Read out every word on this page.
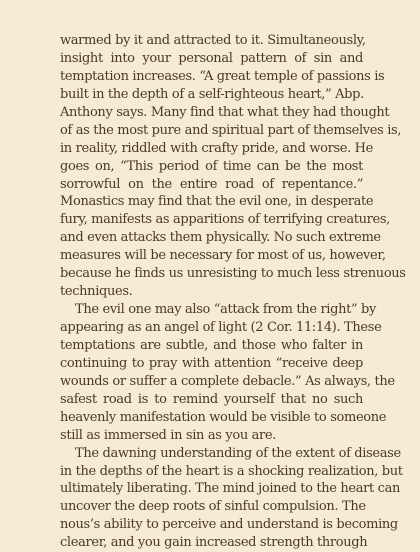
warmed by it and attracted to it. Simultaneously,
insight into your personal pattern of sin and
temptation increases. “A great temple of passions is
built in the depth of a self-righteous heart,” Abp.
Anthony says. Many find that what they had thought
of as the most pure and spiritual part of themselves is,
in reality, riddled with crafty pride, and worse. He
goes on, “This period of time can be the most
sorrowful on the entire road of repentance.”
Monastics may find that the evil one, in desperate
fury, manifests as apparitions of terrifying creatures,
and even attacks them physically. No such extreme
measures will be necessary for most of us, however,
because he finds us unresisting to much less strenuous
techniques.
The evil one may also “attack from the right” by
appearing as an angel of light (2 Cor. 11:14). These
temptations are subtle, and those who falter in
continuing to pray with attention “receive deep
wounds or suffer a complete debacle.” As always, the
safest road is to remind yourself that no such
heavenly manifestation would be visible to someone
still as immersed in sin as you are.
The dawning understanding of the extent of disease
in the depths of the heart is a shocking realization, but
ultimately liberating. The mind joined to the heart can
uncover the deep roots of sinful compulsion. The
nous’s ability to perceive and understand is becoming
clearer, and you gain increased strength through
